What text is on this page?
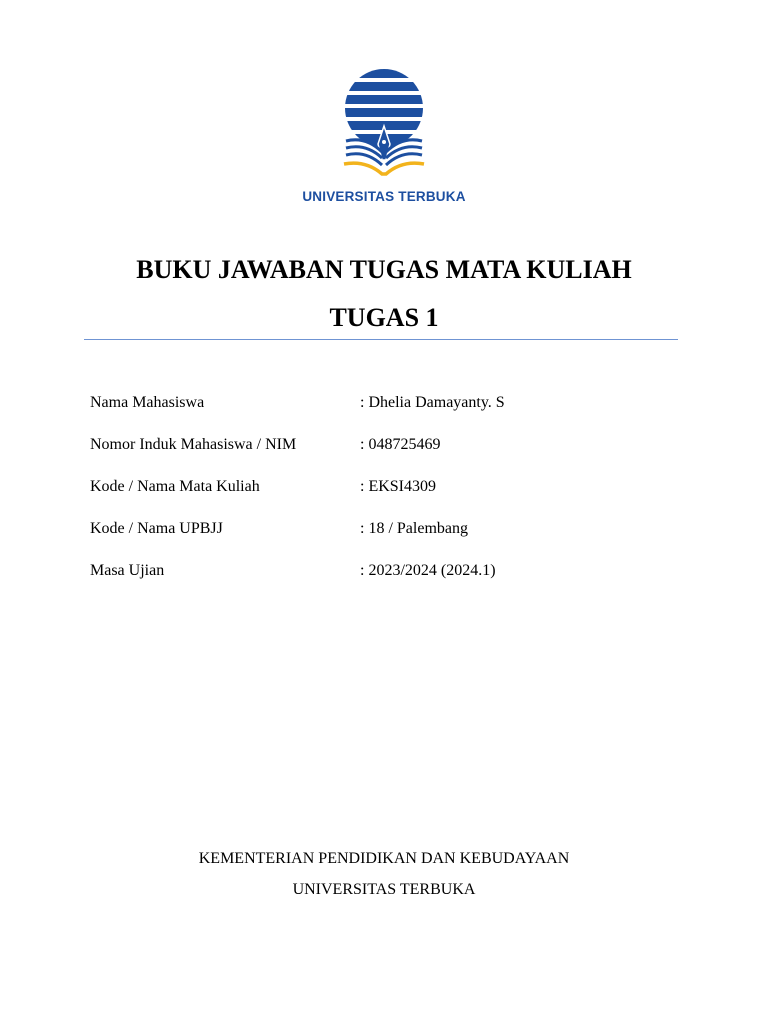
UNIVERSITAS TERBUKA
BUKU JAWABAN TUGAS MATA KULIAH
TUGAS 1
Nama Mahasiswa	: Dhelia Damayanty. S
Nomor Induk Mahasiswa / NIM	: 048725469
Kode / Nama Mata Kuliah	: EKSI4309
Kode / Nama UPBJJ	: 18 / Palembang
Masa Ujian	: 2023/2024 (2024.1)
KEMENTERIAN PENDIDIKAN DAN KEBUDAYAAN
UNIVERSITAS TERBUKA
